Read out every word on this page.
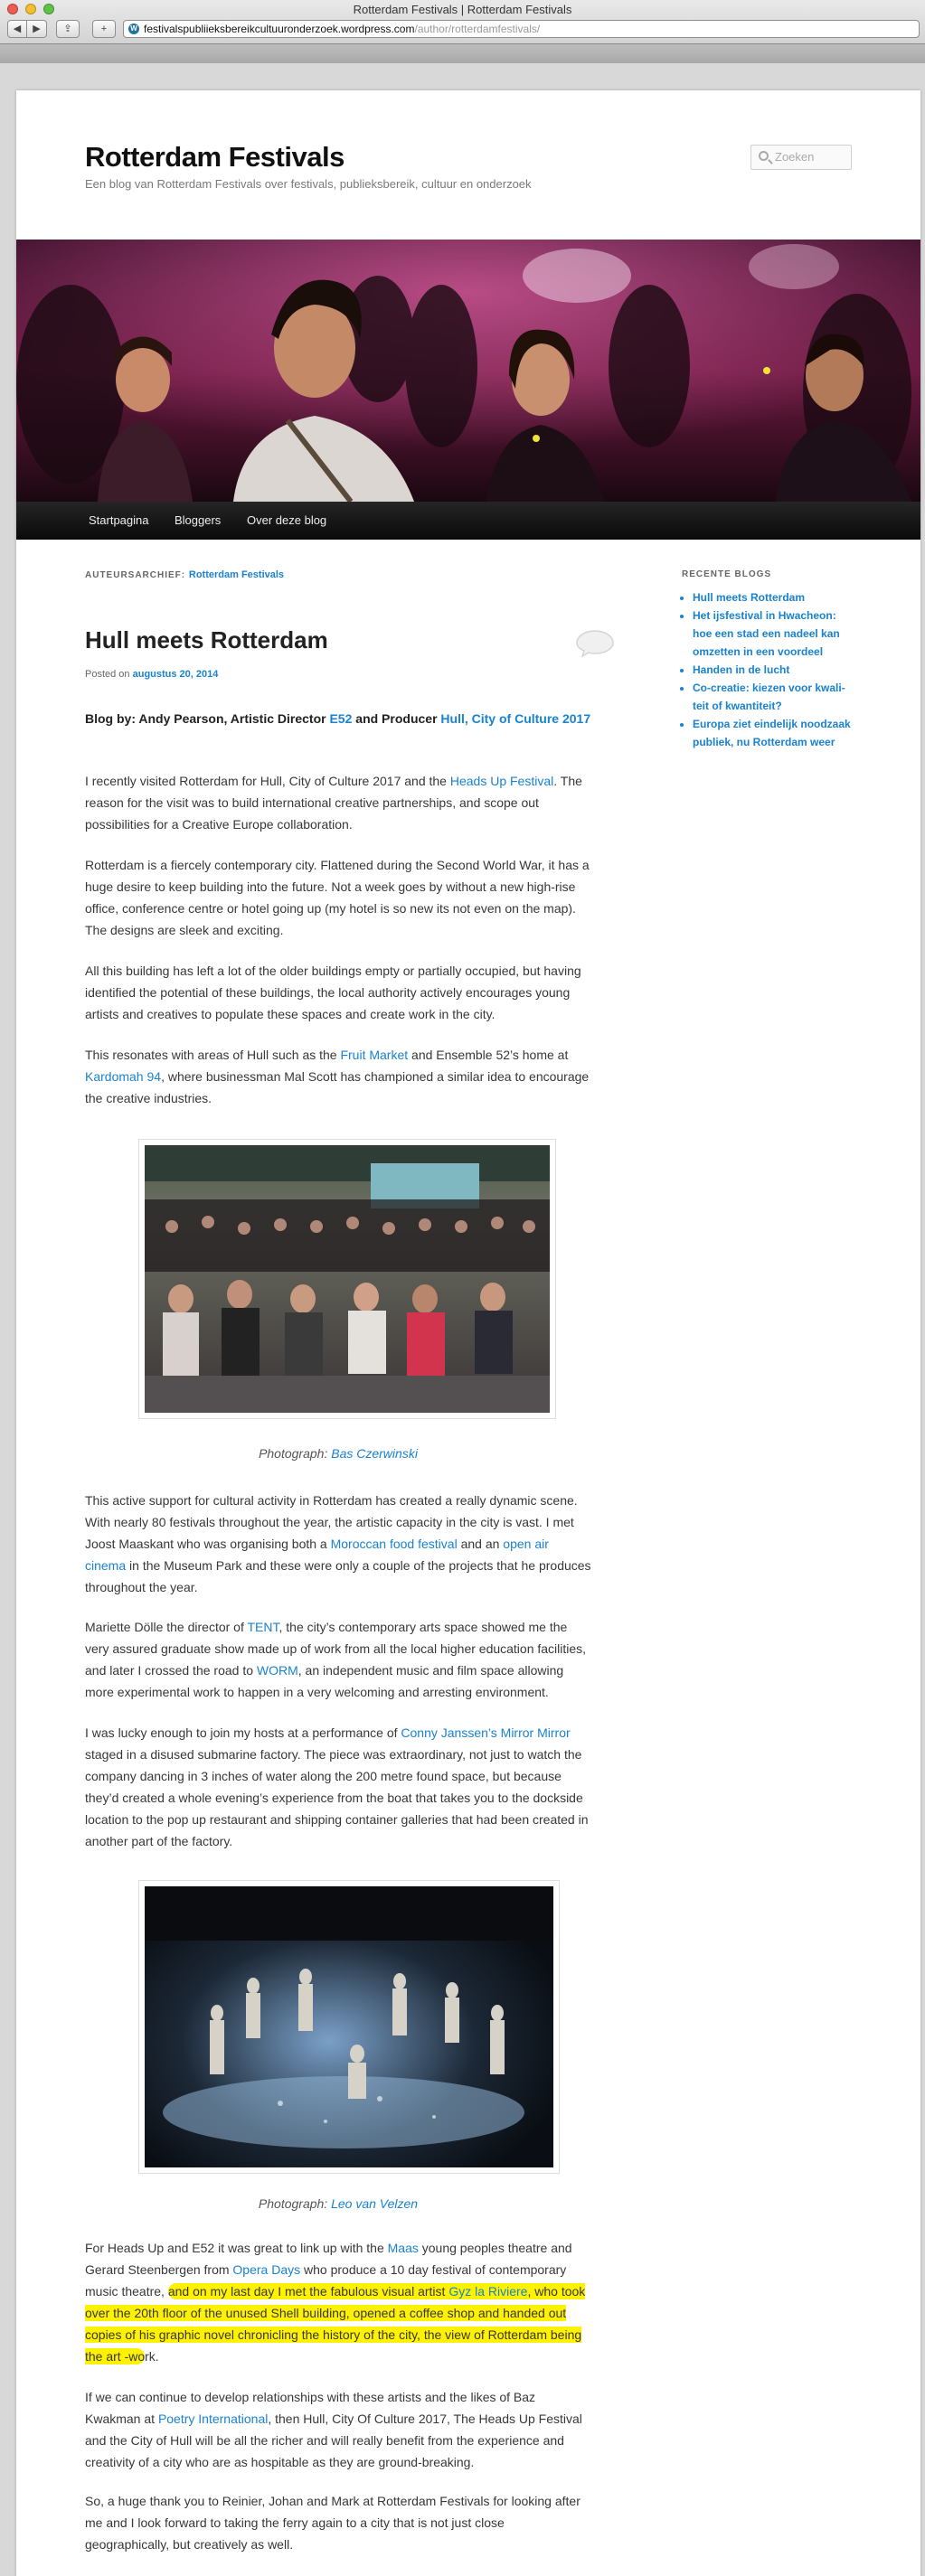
Rotterdam Festivals | Rotterdam Festivals
◀	▶	⇪	+	W festivalspubliieksbereikcultuuronderzoek.wordpress.com/author/rotterdamfestivals/
Rotterdam Festivals
Een blog van Rotterdam Festivals over festivals, publieksbereik, cultuur en onderzoek
Zoeken
Startpagina Bloggers Over deze blog
AUTEURSARCHIEF: Rotterdam Festivals
Hull meets Rotterdam
Posted on augustus 20, 2014
Blog by: Andy Pearson, Artistic Director E52 and Producer Hull, City of Culture 2017
I recently visited Rotterdam for Hull, City of Culture 2017 and the Heads Up Festival. The reason for the visit was to build international creative partnerships, and scope out possibilities for a Creative Europe collaboration.
Rotterdam is a fiercely contemporary city. Flattened during the Second World War, it has a huge desire to keep building into the future. Not a week goes by without a new high-rise office, conference centre or hotel going up (my hotel is so new its not even on the map). The designs are sleek and exciting.
All this building has left a lot of the older buildings empty or partially occupied, but having identified the potential of these buildings, the local authority actively encourages young artists and creatives to populate these spaces and create work in the city.
This resonates with areas of Hull such as the Fruit Market and Ensemble 52’s home at Kardomah 94, where businessman Mal Scott has championed a similar idea to encourage the creative industries.
Photograph: Bas Czerwinski
This active support for cultural activity in Rotterdam has created a really dynamic scene. With nearly 80 festivals throughout the year, the artistic capacity in the city is vast. I met Joost Maaskant who was organising both a Moroccan food festival and an open air cinema in the Museum Park and these were only a couple of the projects that he produces throughout the year.
Mariette Dölle the director of TENT, the city’s contemporary arts space showed me the very assured graduate show made up of work from all the local higher education facilities, and later I crossed the road to WORM, an independent music and film space allowing more experimental work to happen in a very welcoming and arresting environment.
I was lucky enough to join my hosts at a performance of Conny Janssen’s Mirror Mirror staged in a disused submarine factory. The piece was extraordinary, not just to watch the company dancing in 3 inches of water along the 200 metre found space, but because they’d created a whole evening’s experience from the boat that takes you to the dockside location to the pop up restaurant and shipping container galleries that had been created in another part of the factory.
Photograph: Leo van Velzen
For Heads Up and E52 it was great to link up with the Maas young peoples theatre and Gerard Steenbergen from Opera Days who produce a 10 day festival of contemporary music theatre, and on my last day I met the fabulous visual artist Gyz la Riviere, who took over the 20th floor of the unused Shell building, opened a coffee shop and handed out copies of his graphic novel chronicling the history of the city, the view of Rotterdam being the art -work.
If we can continue to develop relationships with these artists and the likes of Baz Kwakman at Poetry International, then Hull, City Of Culture 2017, The Heads Up Festival and the City of Hull will be all the richer and will really benefit from the experience and creativity of a city who are as hospitable as they are ground-breaking.
So, a huge thank you to Reinier, Johan and Mark at Rotterdam Festivals for looking after me and I look forward to taking the ferry again to a city that is not just close geographically, but creatively as well.
RECENTE BLOGS
• Hull meets Rotterdam
• Het ijsfestival in Hwacheon: hoe een stad een nadeel kan omzetten in een voordeel
• Handen in de lucht
• Co-creatie: kiezen voor kwali-teit of kwantiteit?
• Europa ziet eindelijk noodzaak publiek, nu Rotterdam weer
